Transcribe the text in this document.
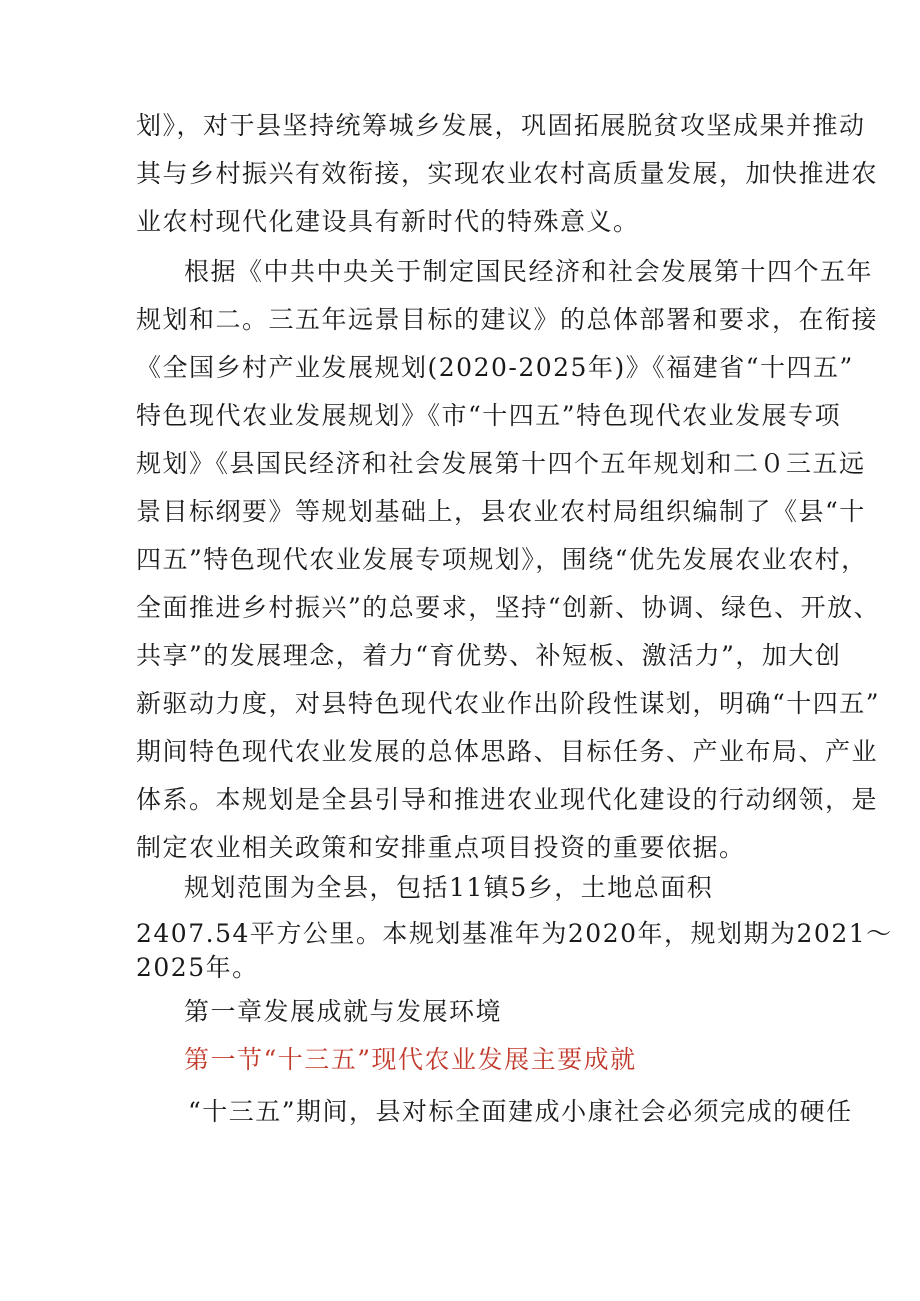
划》，对于县坚持统筹城乡发展，巩固拓展脱贫攻坚成果并推动

其与乡村振兴有效衔接，实现农业农村高质量发展，加快推进农

业农村现代化建设具有新时代的特殊意义。

根据《中共中央关于制定国民经济和社会发展第十四个五年

规划和二。三五年远景目标的建议》的总体部署和要求，在衔接

《全国乡村产业发展规划(2020-2025年)》《福建省“十四五”

特色现代农业发展规划》《市“十四五”特色现代农业发展专项

规划》《县国民经济和社会发展第十四个五年规划和二０三五远

景目标纲要》等规划基础上，县农业农村局组织编制了《县“十

四五”特色现代农业发展专项规划》，围绕“优先发展农业农村，

全面推进乡村振兴”的总要求，坚持“创新、协调、绿色、开放、

共享”的发展理念，着力“育优势、补短板、激活力”，加大创

新驱动力度，对县特色现代农业作出阶段性谋划，明确“十四五”

期间特色现代农业发展的总体思路、目标任务、产业布局、产业

体系。本规划是全县引导和推进农业现代化建设的行动纲领，是

制定农业相关政策和安排重点项目投资的重要依据。

规划范围为全县，包括11镇5乡，土地总面积

2407.54平方公里。本规划基准年为2020年，规划期为2021～

2025年。

第一章发展成就与发展环境

第一节“十三五”现代农业发展主要成就

“十三五”期间，县对标全面建成小康社会必须完成的硬任
